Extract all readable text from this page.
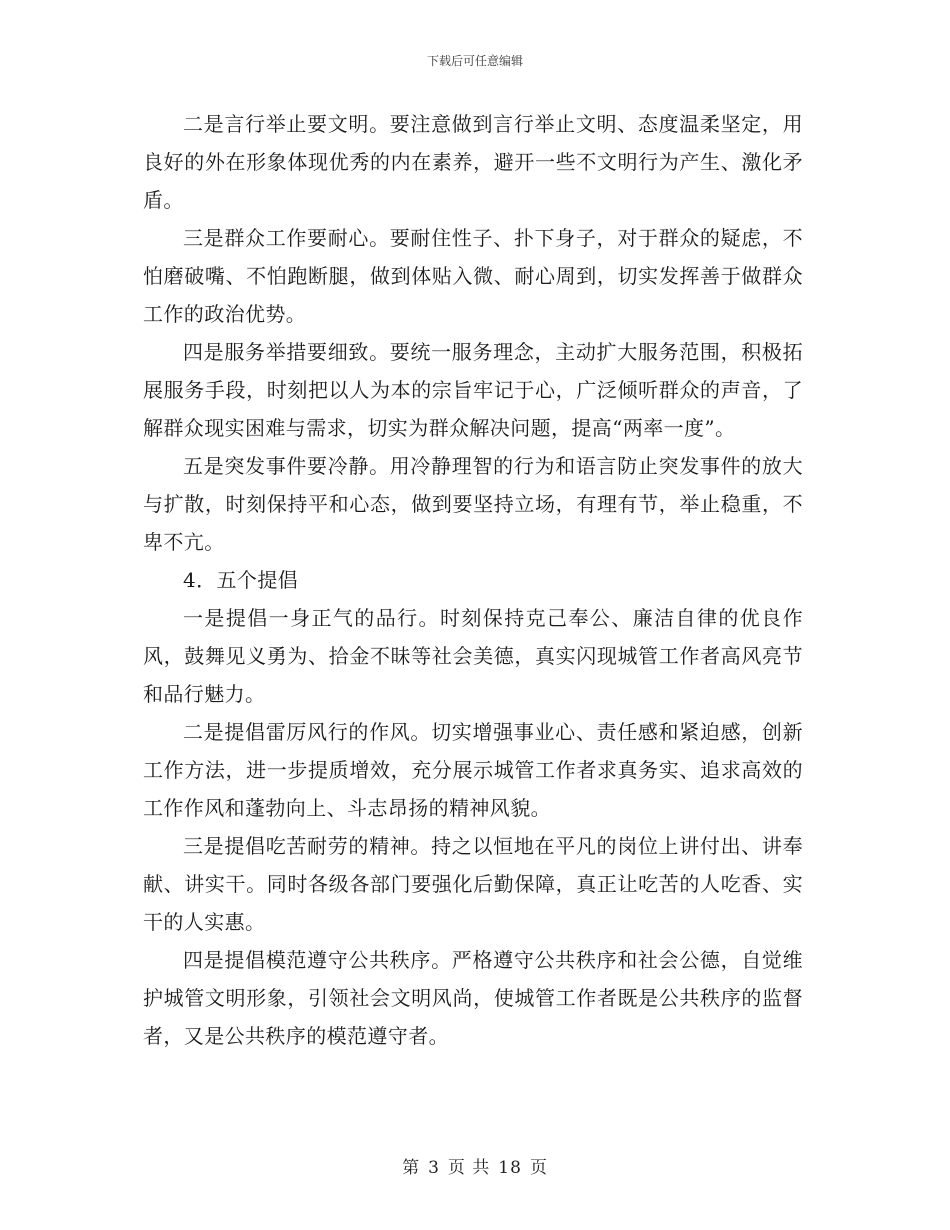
下载后可任意编辑

二是言行举止要文明。要注意做到言行举止文明、态度温柔坚定，用良好的外在形象体现优秀的内在素养，避开一些不文明行为产生、激化矛盾。

三是群众工作要耐心。要耐住性子、扑下身子，对于群众的疑虑，不怕磨破嘴、不怕跑断腿，做到体贴入微、耐心周到，切实发挥善于做群众工作的政治优势。

四是服务举措要细致。要统一服务理念，主动扩大服务范围，积极拓展服务手段，时刻把以人为本的宗旨牢记于心，广泛倾听群众的声音，了解群众现实困难与需求，切实为群众解决问题，提高“两率一度”。

五是突发事件要冷静。用冷静理智的行为和语言防止突发事件的放大与扩散，时刻保持平和心态，做到要坚持立场，有理有节，举止稳重，不卑不亢。

4．五个提倡

一是提倡一身正气的品行。时刻保持克己奉公、廉洁自律的优良作风，鼓舞见义勇为、拾金不昧等社会美德，真实闪现城管工作者高风亮节和品行魅力。

二是提倡雷厉风行的作风。切实增强事业心、责任感和紧迫感，创新工作方法，进一步提质增效，充分展示城管工作者求真务实、追求高效的工作作风和蓬勃向上、斗志昂扬的精神风貌。

三是提倡吃苦耐劳的精神。持之以恒地在平凡的岗位上讲付出、讲奉献、讲实干。同时各级各部门要强化后勤保障，真正让吃苦的人吃香、实干的人实惠。

四是提倡模范遵守公共秩序。严格遵守公共秩序和社会公德，自觉维护城管文明形象，引领社会文明风尚，使城管工作者既是公共秩序的监督者，又是公共秩序的模范遵守者。

第 3 页 共 18 页
